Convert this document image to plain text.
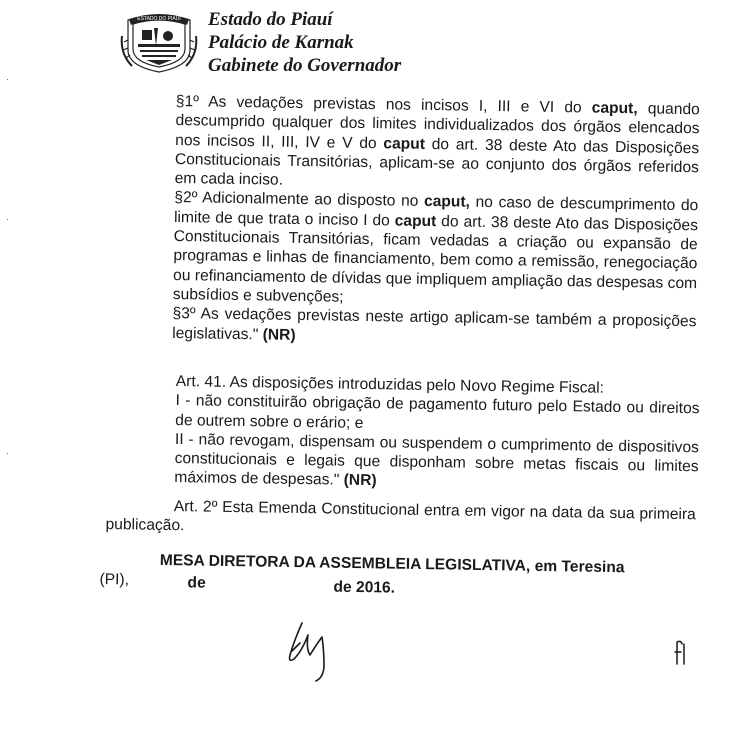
·
·
·
ESTADO DO PIAUÍ Estado do Piauí
Palácio de Karnak
Gabinete do Governador

§1º As vedações previstas nos incisos I, III e VI do caput, quando descumprido qualquer dos limites individualizados dos órgãos elencados nos incisos II, III, IV e V do caput do art. 38 deste Ato das Disposições Constitucionais Transitórias, aplicam-se ao conjunto dos órgãos referidos em cada inciso.

§2º Adicionalmente ao disposto no caput, no caso de descumprimento do limite de que trata o inciso I do caput do art. 38 deste Ato das Disposições Constitucionais Transitórias, ficam vedadas a criação ou expansão de programas e linhas de financiamento, bem como a remissão, renegociação ou refinanciamento de dívidas que impliquem ampliação das despesas com subsídios e subvenções;

§3º As vedações previstas neste artigo aplicam-se também a proposições legislativas." (NR)

Art. 41. As disposições introduzidas pelo Novo Regime Fiscal:

I - não constituirão obrigação de pagamento futuro pelo Estado ou direitos de outrem sobre o erário; e

II - não revogam, dispensam ou suspendem o cumprimento de dispositivos constitucionais e legais que disponham sobre metas fiscais ou limites máximos de despesas." (NR)

Art. 2º Esta Emenda Constitucional entra em vigor na data da sua primeira publicação.

MESA DIRETORA DA ASSEMBLEIA LEGISLATIVA, em Teresina
(PI),	de	de 2016.
